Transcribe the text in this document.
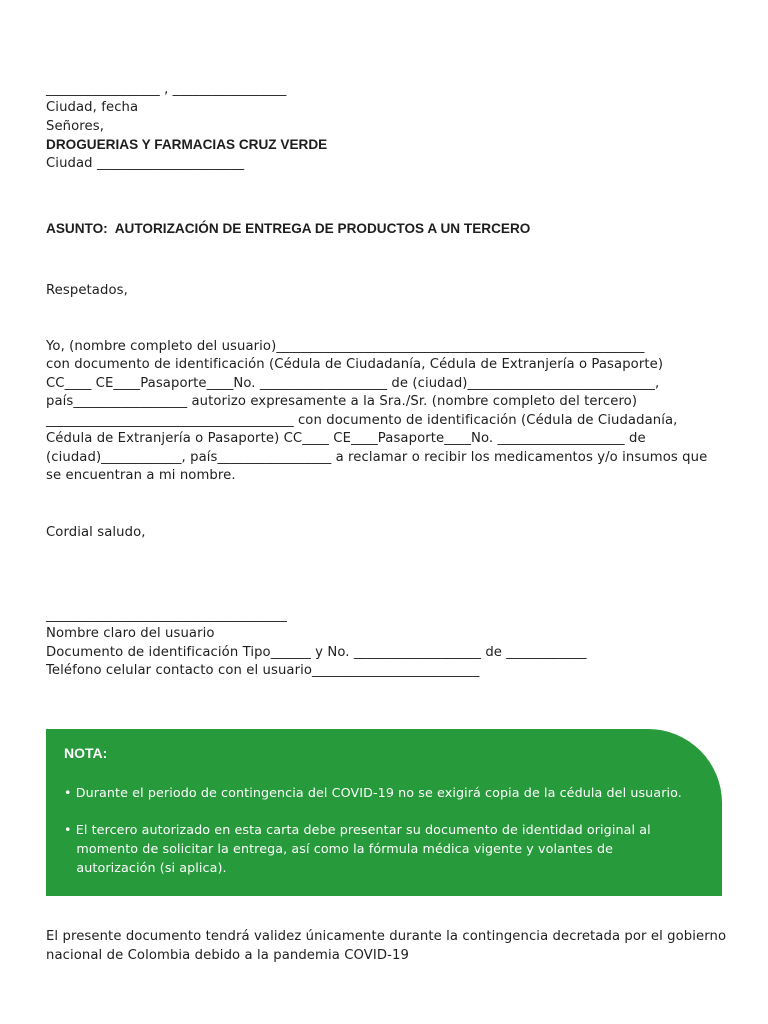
_________________ , _________________
Ciudad, fecha
Señores,
DROGUERIAS Y FARMACIAS CRUZ VERDE
Ciudad ______________________
ASUNTO:  AUTORIZACIÓN DE ENTREGA DE PRODUCTOS A UN TERCERO
Respetados,
Yo, (nombre completo del usuario)_______________________________________________________
con documento de identificación (Cédula de Ciudadanía, Cédula de Extranjería o Pasaporte)
CC____ CE____Pasaporte____No. ___________________ de (ciudad)____________________________,
país_________________ autorizo expresamente a la Sra./Sr. (nombre completo del tercero)
_____________________________________ con documento de identificación (Cédula de Ciudadanía,
Cédula de Extranjería o Pasaporte) CC____ CE____Pasaporte____No. ___________________ de
(ciudad)____________, país_________________ a reclamar o recibir los medicamentos y/o insumos que
se encuentran a mi nombre.
Cordial saludo,
____________________________________
Nombre claro del usuario
Documento de identificación Tipo______ y No. ___________________ de ____________
Teléfono celular contacto con el usuario_________________________
NOTA:
• Durante el periodo de contingencia del COVID-19 no se exigirá copia de la cédula del usuario.
• El tercero autorizado en esta carta debe presentar su documento de identidad original al
momento de solicitar la entrega, así como la fórmula médica vigente y volantes de
autorización (si aplica).
El presente documento tendrá validez únicamente durante la contingencia decretada por el gobierno
nacional de Colombia debido a la pandemia COVID-19
